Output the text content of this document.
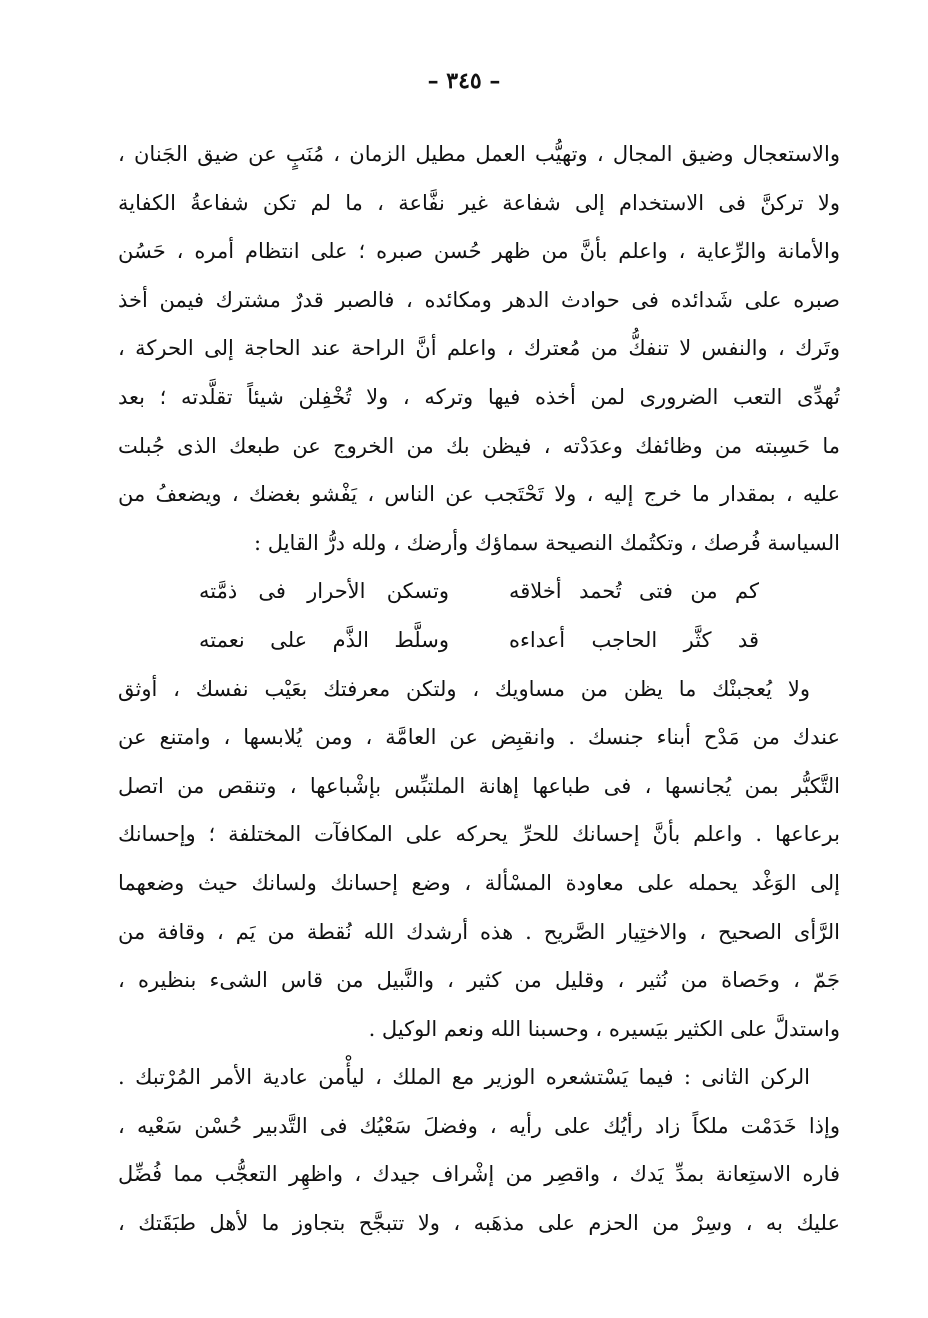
– ٣٤٥ –
والاستعجال وضيق المجال ، وتهيُّب العمل مطيل الزمان ، مُنَبٍ عن ضيق الجَنان ،
ولا تركنَّ فى الاستخدام إلى شفاعة غير نفَّاعة ، ما لم تكن شفاعةُ الكفاية
والأمانة والرِّعاية ، واعلم بأنَّ من ظهر حُسن صبره ؛ على انتظام أمره ، حَسُن
صبره على شَدائده فى حوادث الدهر ومكائده ، فالصبر قدرٌ مشترك فيمن أخذ
وتَرك ، والنفس لا تنفكُّ من مُعترك ، واعلم أنَّ الراحة عند الحاجة إلى الحركة ،
تُهدِّى التعب الضرورى لمن أخذه فيها وتركه ، ولا تُخْفِلن شيئاً تقلَّدته ؛ بعد
ما حَسِبته من وظائفك وعدَدْته ، فيظن بك من الخروج عن طبعك الذى جُبلت
عليه ، بمقدار ما خرج إليه ، ولا تَحْتَجب عن الناس ، يَفْشو بغضك ، ويضعفُ من
السياسة فُرصك ، وتكتُمك النصيحة سماؤك وأرضك ، ولله درُّ القايل :
كم من فتى تُحمد أخلاقه
وتسكن الأحرار فى ذمَّته
قد كثَّر الحاجب أعداءه
وسلَّط الذَّم على نعمته
ولا يُعجبنْك ما يظن من مساويك ، ولتكن معرفتك بعَيْب نفسك ، أوثق
عندك من مَدْح أبناء جنسك . وانقبِض عن العامَّة ، ومن يُلابسها ، وامتنع عن
التَّكبُّر بمن يُجانسها ، فى طباعها إهانة الملتبِّس بإشْباعها ، وتنقص من اتصل
برعاعها . واعلم بأنَّ إحسانك للحرِّ يحركه على المكافآت المختلفة ؛ وإحسانك
إلى الوَغْد يحمله على معاودة المسْألة ، وضع إحسانك ولسانك حيث وضعهما
الرَّأى الصحيح ، والاختِيار الصَّريح . هذه أرشدك الله نُقطة من يَم ، وقافة من
جَمّ ، وحَصاة من نُثير ، وقليل من كثير ، والنَّبيل من قاس الشىء بنظيره ،
واستدلَّ على الكثير بيَسيره ، وحسبنا الله ونعم الوكيل .
الركن الثانى : فيما يَسْتشعره الوزير مع الملك ، ليأْمن عادية الأمر المُرْتبك .
وإذا خَدَمْت ملكاً زاد رأيُك على رأيه ، وفضلَ سَعْيُك فى التَّدبير حُسْن سَعْيه ،
فاره الاستِعانة بمدِّ يَدك ، واقصِر من إشْراف جيدك ، واظهِر التعجُّب مما فُضِّل
عليك به ، وسِرْ من الحزم على مذهَبه ، ولا تتبجَّح بتجاوز ما لأهل طبَقَتك ،
